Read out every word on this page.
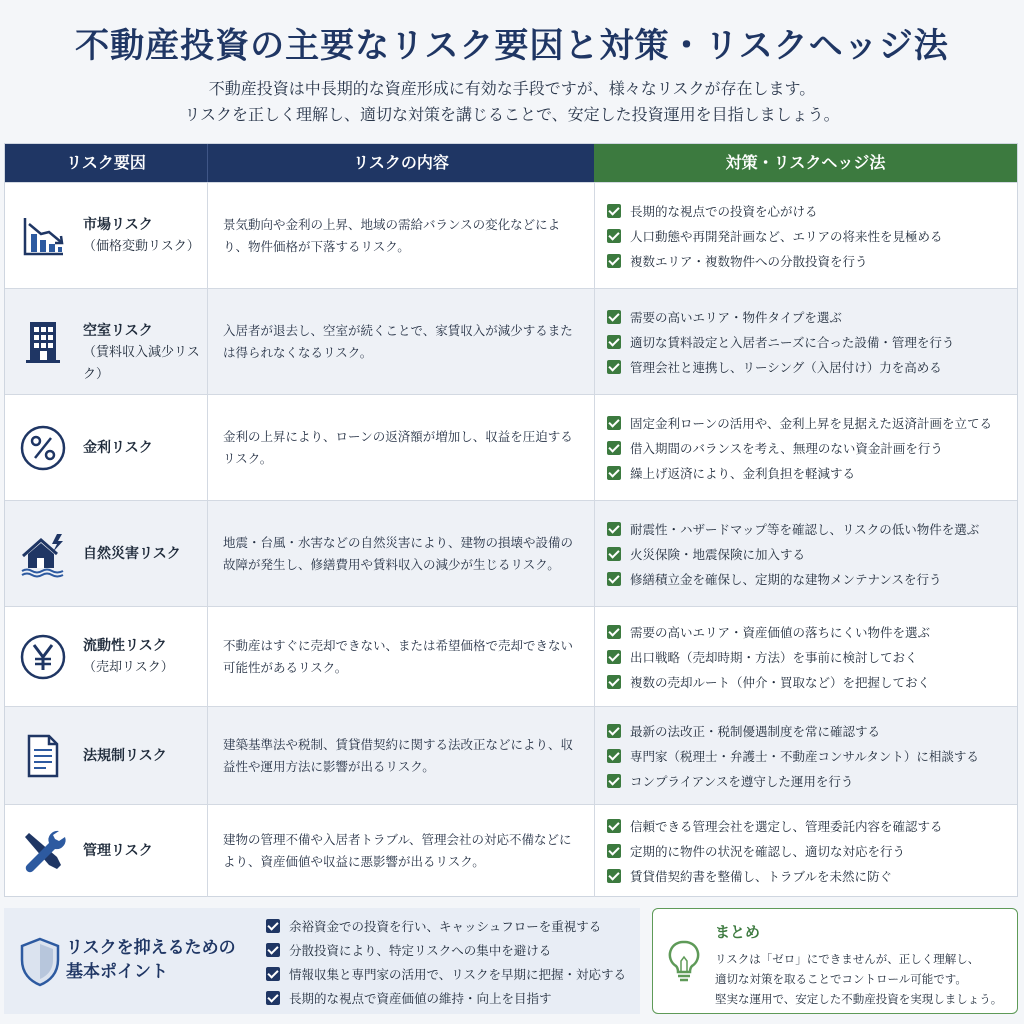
不動産投資の主要なリスク要因と対策・リスクヘッジ法
不動産投資は中長期的な資産形成に有効な手段ですが、様々なリスクが存在します。
リスクを正しく理解し、適切な対策を講じることで、安定した投資運用を目指しましょう。
リスク要因	リスクの内容	対策・リスクヘッジ法
市場リスク
（価格変動リスク）
景気動向や金利の上昇、地域の需給バランスの変化などにより、物件価格が下落するリスク。
長期的な視点での投資を心がける
人口動態や再開発計画など、エリアの将来性を見極める
複数エリア・複数物件への分散投資を行う
空室リスク
（賃料収入減少リスク）
入居者が退去し、空室が続くことで、家賃収入が減少するまたは得られなくなるリスク。
需要の高いエリア・物件タイプを選ぶ
適切な賃料設定と入居者ニーズに合った設備・管理を行う
管理会社と連携し、リーシング（入居付け）力を高める
金利リスク
金利の上昇により、ローンの返済額が増加し、収益を圧迫するリスク。
固定金利ローンの活用や、金利上昇を見据えた返済計画を立てる
借入期間のバランスを考え、無理のない資金計画を行う
繰上げ返済により、金利負担を軽減する
自然災害リスク
地震・台風・水害などの自然災害により、建物の損壊や設備の故障が発生し、修繕費用や賃料収入の減少が生じるリスク。
耐震性・ハザードマップ等を確認し、リスクの低い物件を選ぶ
火災保険・地震保険に加入する
修繕積立金を確保し、定期的な建物メンテナンスを行う
流動性リスク
（売却リスク）
不動産はすぐに売却できない、または希望価格で売却できない可能性があるリスク。
需要の高いエリア・資産価値の落ちにくい物件を選ぶ
出口戦略（売却時期・方法）を事前に検討しておく
複数の売却ルート（仲介・買取など）を把握しておく
法規制リスク
建築基準法や税制、賃貸借契約に関する法改正などにより、収益性や運用方法に影響が出るリスク。
最新の法改正・税制優遇制度を常に確認する
専門家（税理士・弁護士・不動産コンサルタント）に相談する
コンプライアンスを遵守した運用を行う
管理リスク
建物の管理不備や入居者トラブル、管理会社の対応不備などにより、資産価値や収益に悪影響が出るリスク。
信頼できる管理会社を選定し、管理委託内容を確認する
定期的に物件の状況を確認し、適切な対応を行う
賃貸借契約書を整備し、トラブルを未然に防ぐ
リスクを抑えるための基本ポイント
余裕資金での投資を行い、キャッシュフローを重視する
分散投資により、特定リスクへの集中を避ける
情報収集と専門家の活用で、リスクを早期に把握・対応する
長期的な視点で資産価値の維持・向上を目指す
まとめ
リスクは「ゼロ」にできませんが、正しく理解し、
適切な対策を取ることでコントロール可能です。
堅実な運用で、安定した不動産投資を実現しましょう。
